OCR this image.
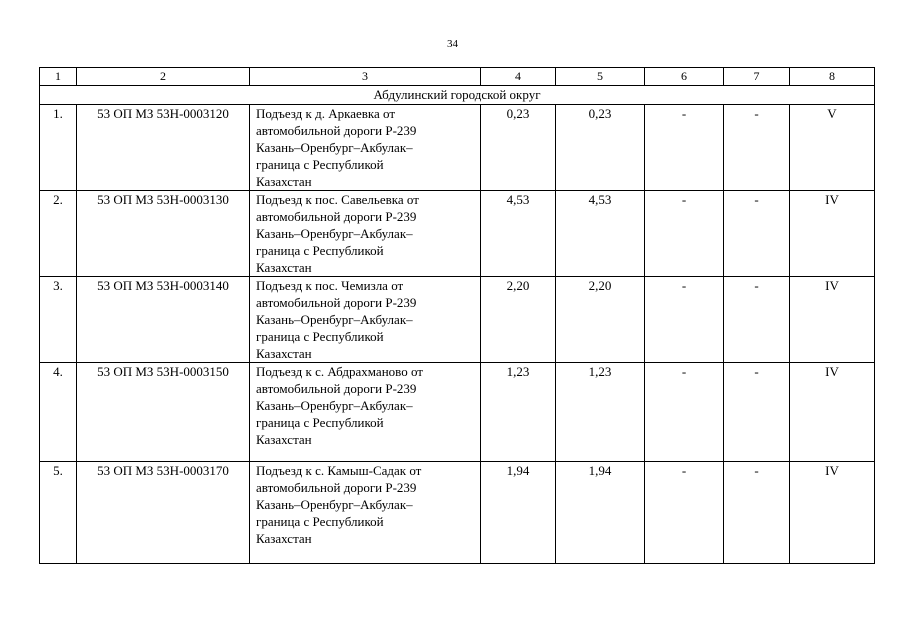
34
1	2	3	4	5	6	7	8
Абдулинский городской округ							
1.	53 ОП МЗ 53Н-0003120	Подъезд к д. Аркаевка от
автомобильной дороги Р-239
Казань–Оренбург–Акбулак–
граница с Республикой
Казахстан	0,23	0,23	-	-	V
2.	53 ОП МЗ 53Н-0003130	Подъезд к пос. Савельевка от
автомобильной дороги Р-239
Казань–Оренбург–Акбулак–
граница с Республикой
Казахстан	4,53	4,53	-	-	IV
3.	53 ОП МЗ 53Н-0003140	Подъезд к пос. Чемизла от
автомобильной дороги Р-239
Казань–Оренбург–Акбулак–
граница с Республикой
Казахстан	2,20	2,20	-	-	IV
4.	53 ОП МЗ 53Н-0003150	Подъезд к с. Абдрахманово от
автомобильной дороги Р-239
Казань–Оренбург–Акбулак–
граница с Республикой
Казахстан	1,23	1,23	-	-	IV
5.	53 ОП МЗ 53Н-0003170	Подъезд к с. Камыш-Садак от
автомобильной дороги Р-239
Казань–Оренбург–Акбулак–
граница с Республикой
Казахстан	1,94	1,94	-	-	IV
